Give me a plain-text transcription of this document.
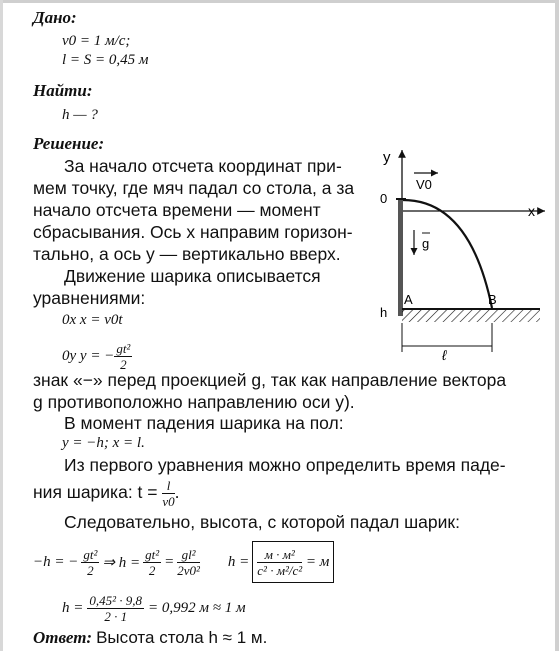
Дано:
v0 = 1 м/с;
l = S = 0,45 м
Найти:
h — ?
Решение:
За начало отсчета координат при-
мем точку, где мяч падал со стола, а за
начало отсчета времени — момент
сбрасывания. Ось x направим горизон-
тально, а ось y — вертикально вверх.
Движение шарика описывается
уравнениями:
0x x = v0t
0y y = − $\frac{\text{gt²}}{2}$
знак «−» перед проекцией g, так как направление вектора
g противоположно направлению оси y).
В момент падения шарика на пол:
y = −h; x = l.
Из первого уравнения можно определить время паде-
ния шарика: $t = \frac{l}{v0}$ .
Следовательно, высота, с которой падал шарик:
−h = − $\frac{\text{gt²}}{2}$ ⇒ $h = \frac{\text{gt²}}{2} = \frac{\text{gl²}}{\text{2v0²}}$ $h = \frac{\text{м · м²}}{\text{c² · м²/c²}} = м$
$h = \frac{\text{0,45² · 9,8}}{2 \cdot 1} = 0,992$ м ≈ 1 м
Ответ: Высота стола h ≈ 1 м.
y
x
0
V0
g
A	B
h
ℓ
